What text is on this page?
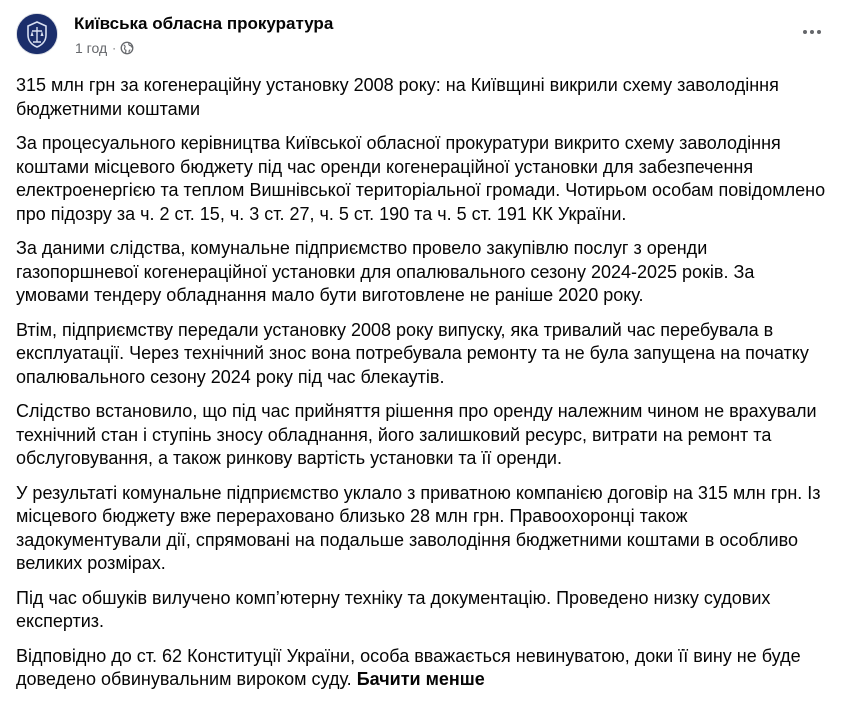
Київська обласна прокуратура
1 год ·

315 млн грн за когенераційну установку 2008 року: на Київщині викрили схему заволодіння бюджетними коштами

За процесуального керівництва Київської обласної прокуратури викрито схему заволодіння коштами місцевого бюджету під час оренди когенераційної установки для забезпечення електроенергією та теплом Вишнівської територіальної громади. Чотирьом особам повідомлено про підозру за ч. 2 ст. 15, ч. 3 ст. 27, ч. 5 ст. 190 та ч. 5 ст. 191 КК України.

За даними слідства, комунальне підприємство провело закупівлю послуг з оренди газопоршневої когенераційної установки для опалювального сезону 2024-2025 років. За умовами тендеру обладнання мало бути виготовлене не раніше 2020 року.

Втім, підприємству передали установку 2008 року випуску, яка тривалий час перебувала в експлуатації. Через технічний знос вона потребувала ремонту та не була запущена на початку опалювального сезону 2024 року під час блекаутів.

Слідство встановило, що під час прийняття рішення про оренду належним чином не врахували технічний стан і ступінь зносу обладнання, його залишковий ресурс, витрати на ремонт та обслуговування, а також ринкову вартість установки та її оренди.

У результаті комунальне підприємство уклало з приватною компанією договір на 315 млн грн. Із місцевого бюджету вже перераховано близько 28 млн грн. Правоохоронці також задокументували дії, спрямовані на подальше заволодіння бюджетними коштами в особливо великих розмірах.

Під час обшуків вилучено комп’ютерну техніку та документацію. Проведено низку судових експертиз.

Відповідно до ст. 62 Конституції України, особа вважається невинуватою, доки її вину не буде доведено обвинувальним вироком суду. Бачити менше
